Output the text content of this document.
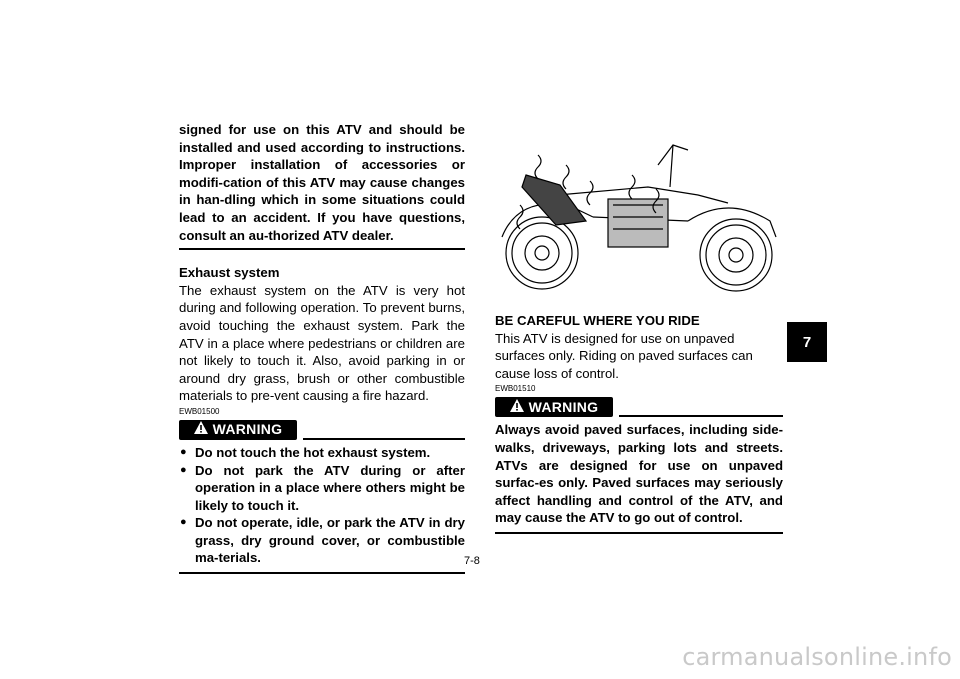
signed for use on this ATV and should be installed and used according to instructions. Improper installation of accessories or modifi-cation of this ATV may cause changes in han-dling which in some situations could lead to an accident. If you have questions, consult an au-thorized ATV dealer.

Exhaust system

The exhaust system on the ATV is very hot during and following operation. To prevent burns, avoid touching the exhaust system. Park the ATV in a place where pedestrians or children are not likely to touch it. Also, avoid parking in or around dry grass, brush or other combustible materials to pre-vent causing a fire hazard.

EWB01500
WARNING
● Do not touch the hot exhaust system.
● Do not park the ATV during or after operation in a place where others might be likely to touch it.
● Do not operate, idle, or park the ATV in dry grass, dry ground cover, or combustible ma-terials.
BE CAREFUL WHERE YOU RIDE

This ATV is designed for use on unpaved surfaces only. Riding on paved surfaces can cause loss of control.

EWB01510
WARNING

Always avoid paved surfaces, including side-walks, driveways, parking lots and streets. ATVs are designed for use on unpaved surfac-es only. Paved surfaces may seriously affect handling and control of the ATV, and may cause the ATV to go out of control.

7
7-8
carmanualsonline.info
